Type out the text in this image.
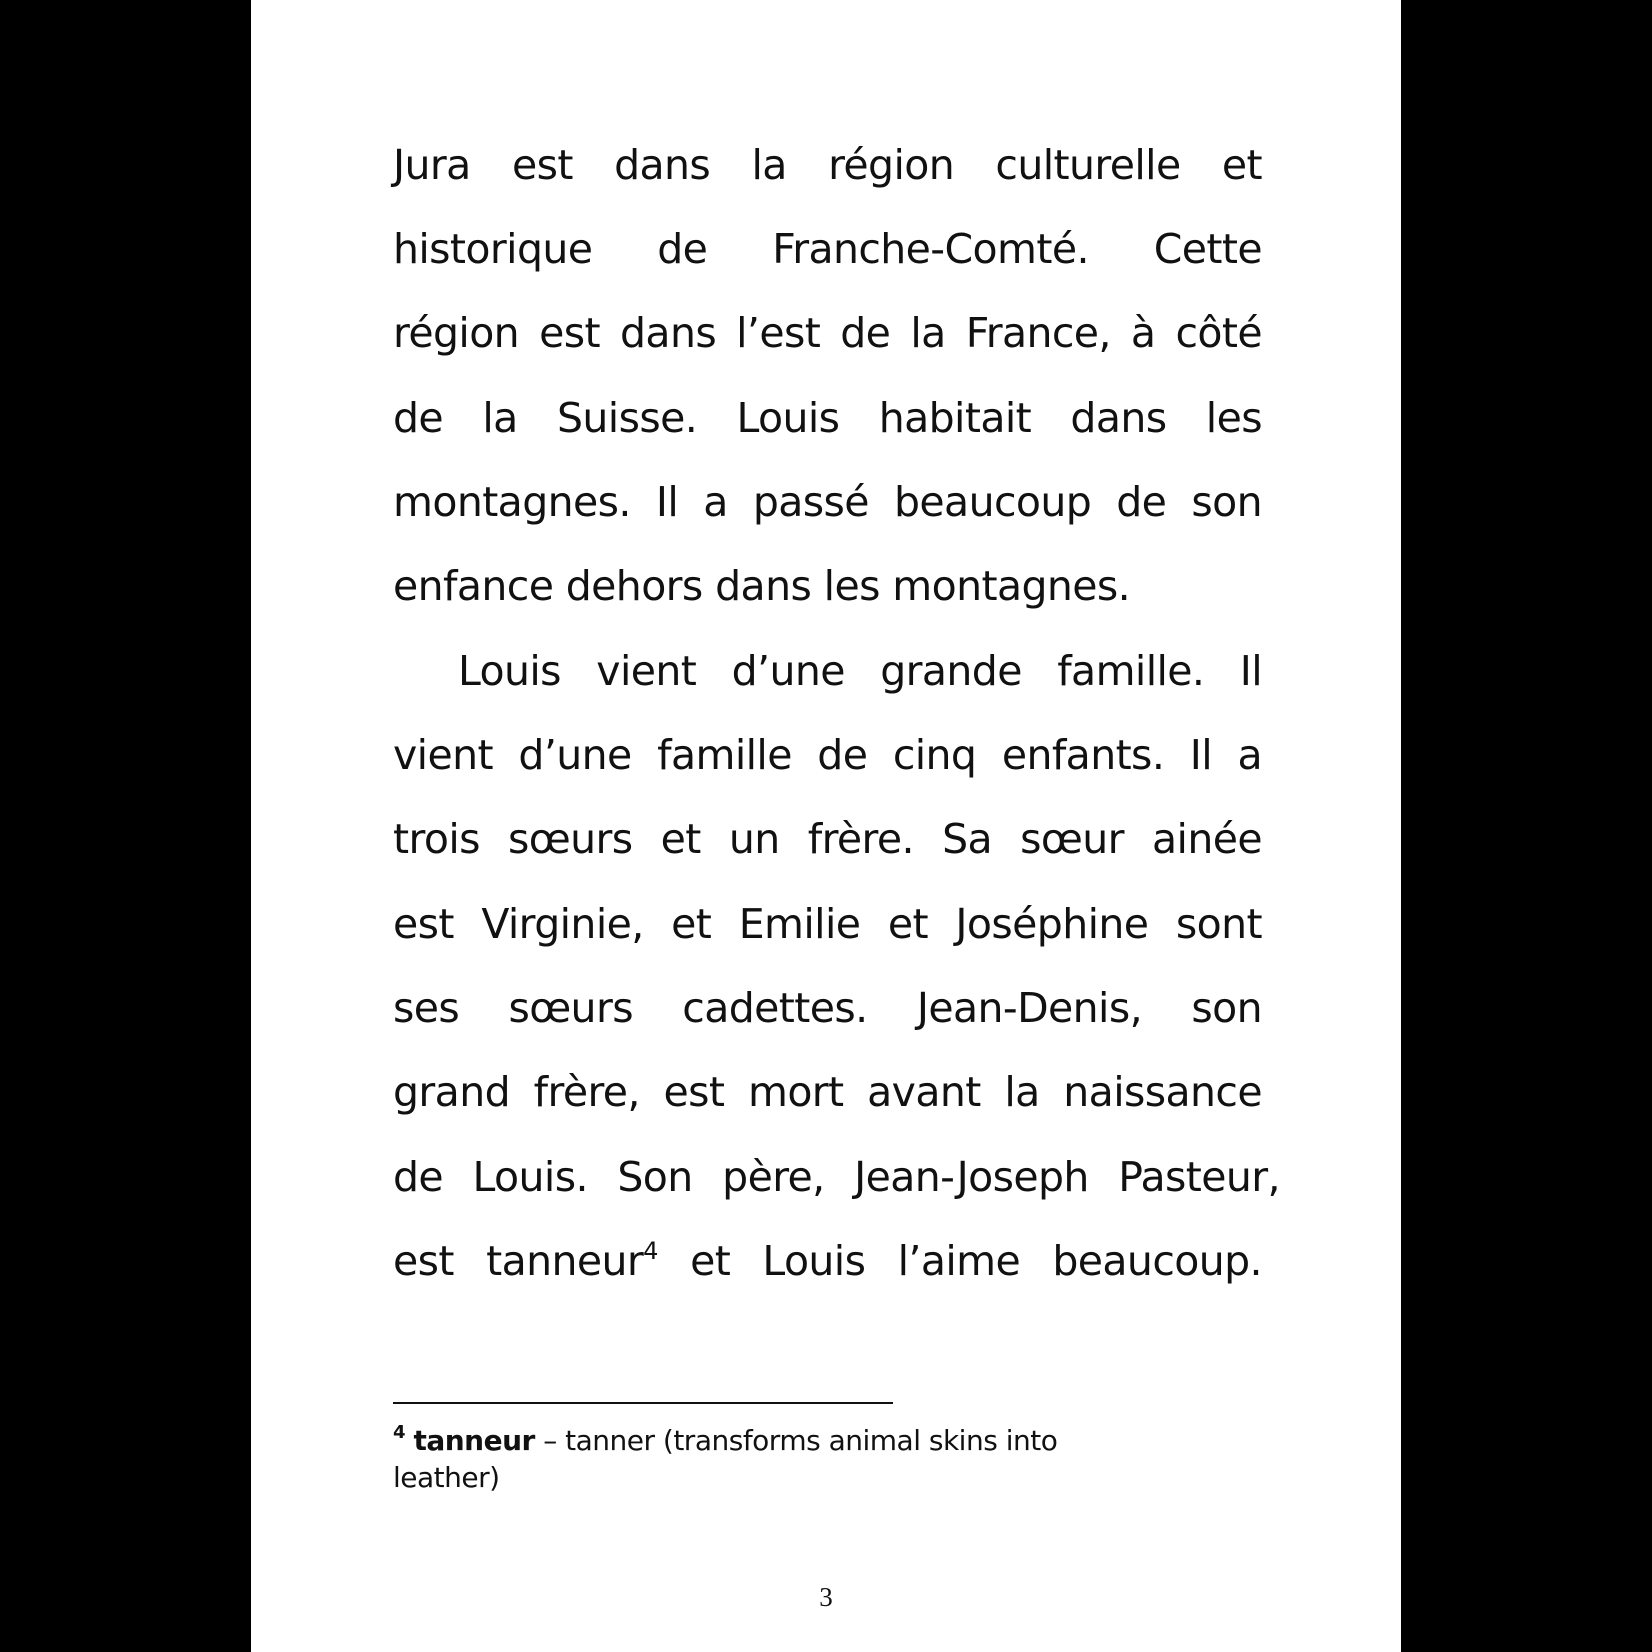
Jura est dans la région culturelle et
historique de Franche-Comté. Cette
région est dans l’est de la France, à côté
de la Suisse. Louis habitait dans les
montagnes. Il a passé beaucoup de son
enfance dehors dans les montagnes.
Louis vient d’une grande famille. Il
vient d’une famille de cinq enfants. Il a
trois sœurs et un frère. Sa sœur ainée
est Virginie, et Emilie et Joséphine sont
ses sœurs cadettes. Jean-Denis, son
grand frère, est mort avant la naissance
de Louis. Son père, Jean-Joseph Pasteur,
est tanneur$^4$ et Louis l’aime beaucoup.
$^4$ tanneur – tanner (transforms animal skins into
leather)
3
